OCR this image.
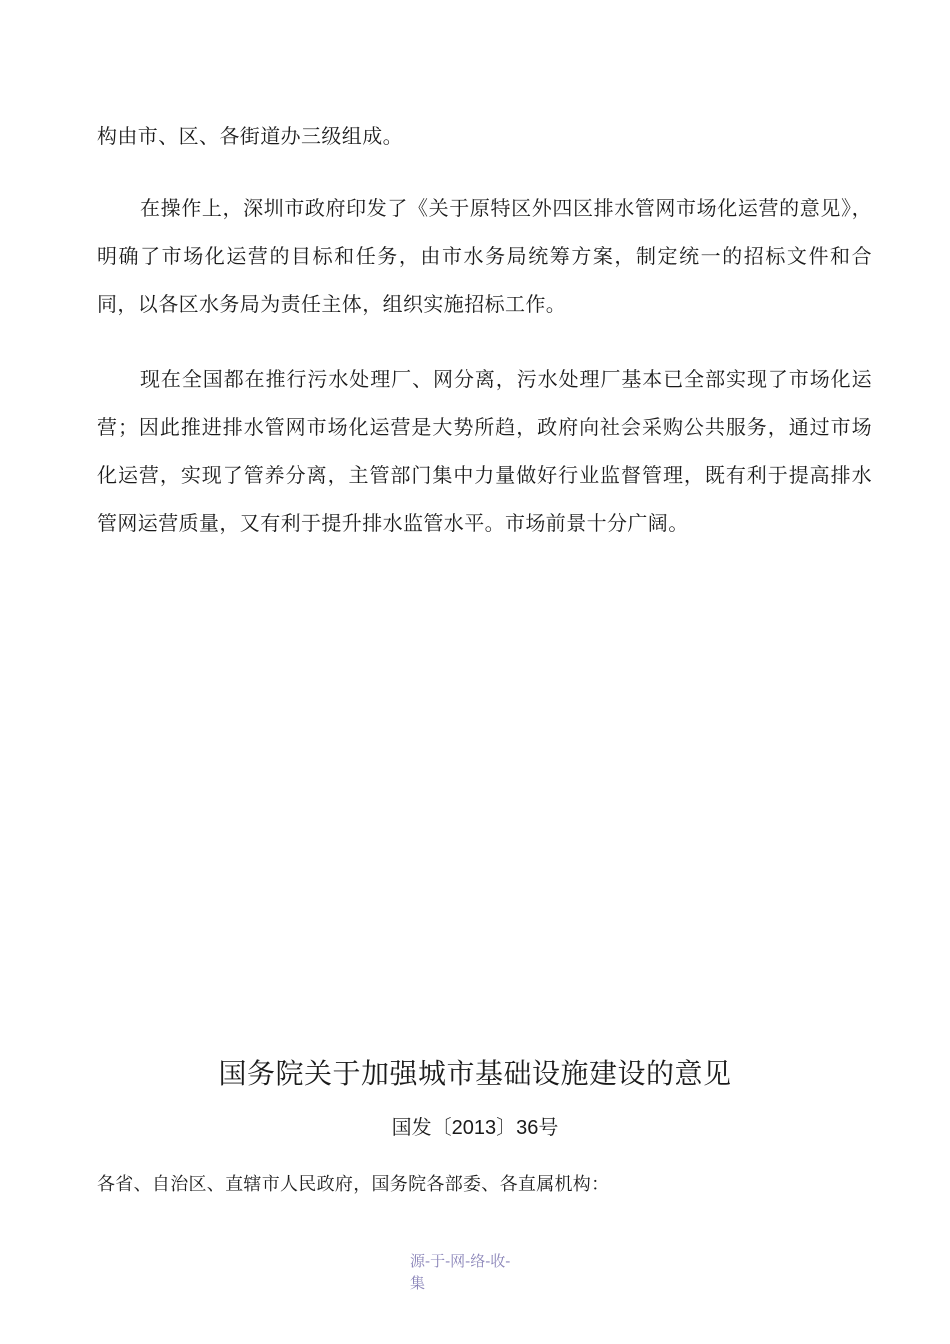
构由市、区、各街道办三级组成。

在操作上，深圳市政府印发了《关于原特区外四区排水管网市场化运营的意见》，明确了市场化运营的目标和任务，由市水务局统筹方案，制定统一的招标文件和合同，以各区水务局为责任主体，组织实施招标工作。

现在全国都在推行污水处理厂、网分离，污水处理厂基本已全部实现了市场化运营；因此推进排水管网市场化运营是大势所趋，政府向社会采购公共服务，通过市场化运营，实现了管养分离，主管部门集中力量做好行业监督管理，既有利于提高排水管网运营质量，又有利于提升排水监管水平。市场前景十分广阔。

国务院关于加强城市基础设施建设的意见
国发〔2013〕36号
各省、自治区、直辖市人民政府，国务院各部委、各直属机构：
源-于-网-络-收-
集
